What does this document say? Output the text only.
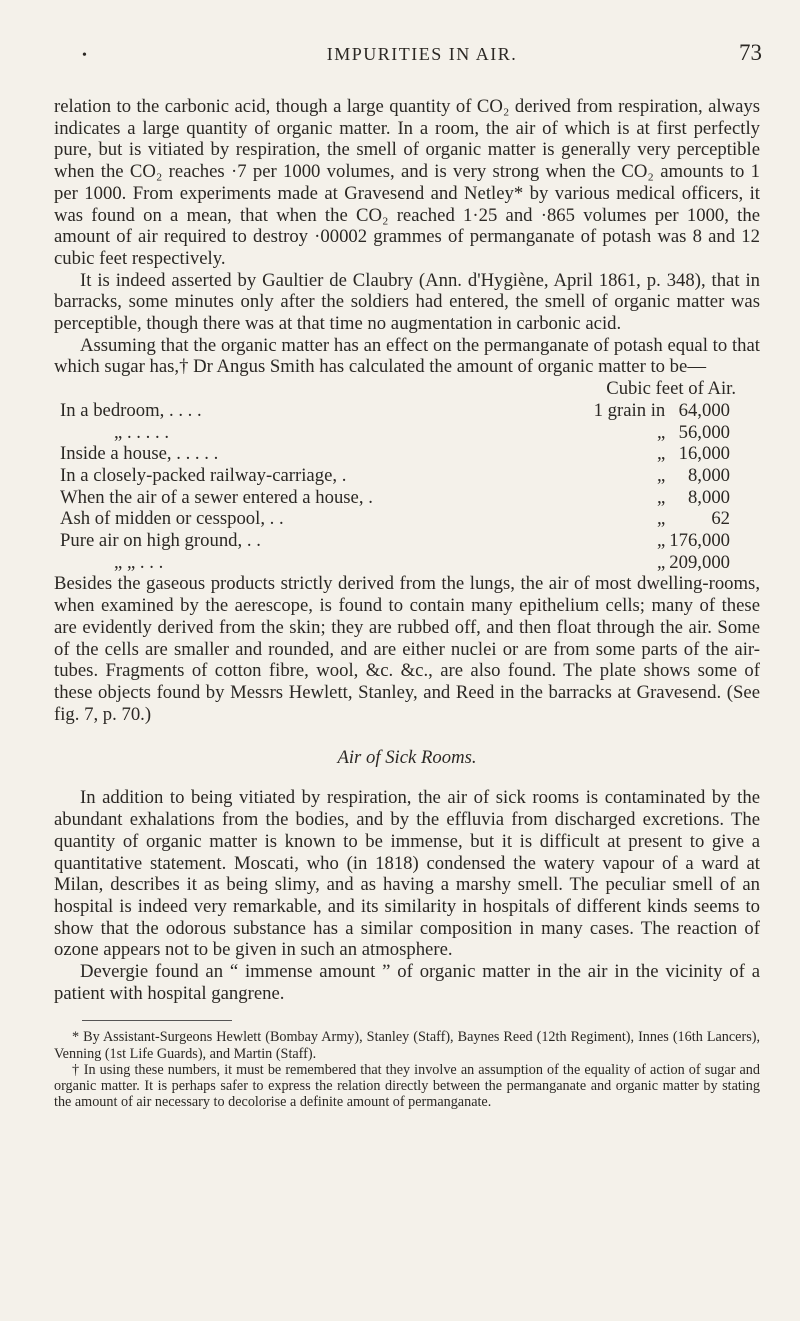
•	IMPURITIES IN AIR.	73

relation to the carbonic acid, though a large quantity of CO₂ derived from respiration, always indicates a large quantity of organic matter. In a room, the air of which is at first perfectly pure, but is vitiated by respiration, the smell of organic matter is generally very perceptible when the CO₂ reaches ·7 per 1000 volumes, and is very strong when the CO₂ amounts to 1 per 1000. From experiments made at Gravesend and Netley* by various medical officers, it was found on a mean, that when the CO₂ reached 1·25 and ·865 volumes per 1000, the amount of air required to destroy ·00002 grammes of permanganate of potash was 8 and 12 cubic feet respectively.

It is indeed asserted by Gaultier de Claubry (Ann. d'Hygiène, April 1861, p. 348), that in barracks, some minutes only after the soldiers had entered, the smell of organic matter was perceptible, though there was at that time no augmentation in carbonic acid.

Assuming that the organic matter has an effect on the permanganate of potash equal to that which sugar has,† Dr Angus Smith has calculated the amount of organic matter to be—

Cubic feet of Air.
In a bedroom, . . . .	1 grain in	64,000
„ . . . . .	„	56,000
Inside a house, . . . . .	„	16,000
In a closely-packed railway-carriage, .	„	8,000
When the air of a sewer entered a house, .	„	8,000
Ash of midden or cesspool, . .	„	62
Pure air on high ground, . .	„	176,000
„ „ . . .	„	209,000

Besides the gaseous products strictly derived from the lungs, the air of most dwelling-rooms, when examined by the aerescope, is found to contain many epithelium cells; many of these are evidently derived from the skin; they are rubbed off, and then float through the air. Some of the cells are smaller and rounded, and are either nuclei or are from some parts of the air-tubes. Fragments of cotton fibre, wool, &c. &c., are also found. The plate shows some of these objects found by Messrs Hewlett, Stanley, and Reed in the barracks at Gravesend. (See fig. 7, p. 70.)

Air of Sick Rooms.

In addition to being vitiated by respiration, the air of sick rooms is contaminated by the abundant exhalations from the bodies, and by the effluvia from discharged excretions. The quantity of organic matter is known to be immense, but it is difficult at present to give a quantitative statement. Moscati, who (in 1818) condensed the watery vapour of a ward at Milan, describes it as being slimy, and as having a marshy smell. The peculiar smell of an hospital is indeed very remarkable, and its similarity in hospitals of different kinds seems to show that the odorous substance has a similar composition in many cases. The reaction of ozone appears not to be given in such an atmosphere.

Devergie found an “ immense amount ” of organic matter in the air in the vicinity of a patient with hospital gangrene.

* By Assistant-Surgeons Hewlett (Bombay Army), Stanley (Staff), Baynes Reed (12th Regiment), Innes (16th Lancers), Venning (1st Life Guards), and Martin (Staff).

† In using these numbers, it must be remembered that they involve an assumption of the equality of action of sugar and organic matter. It is perhaps safer to express the relation directly between the permanganate and organic matter by stating the amount of air necessary to decolorise a definite amount of permanganate.
